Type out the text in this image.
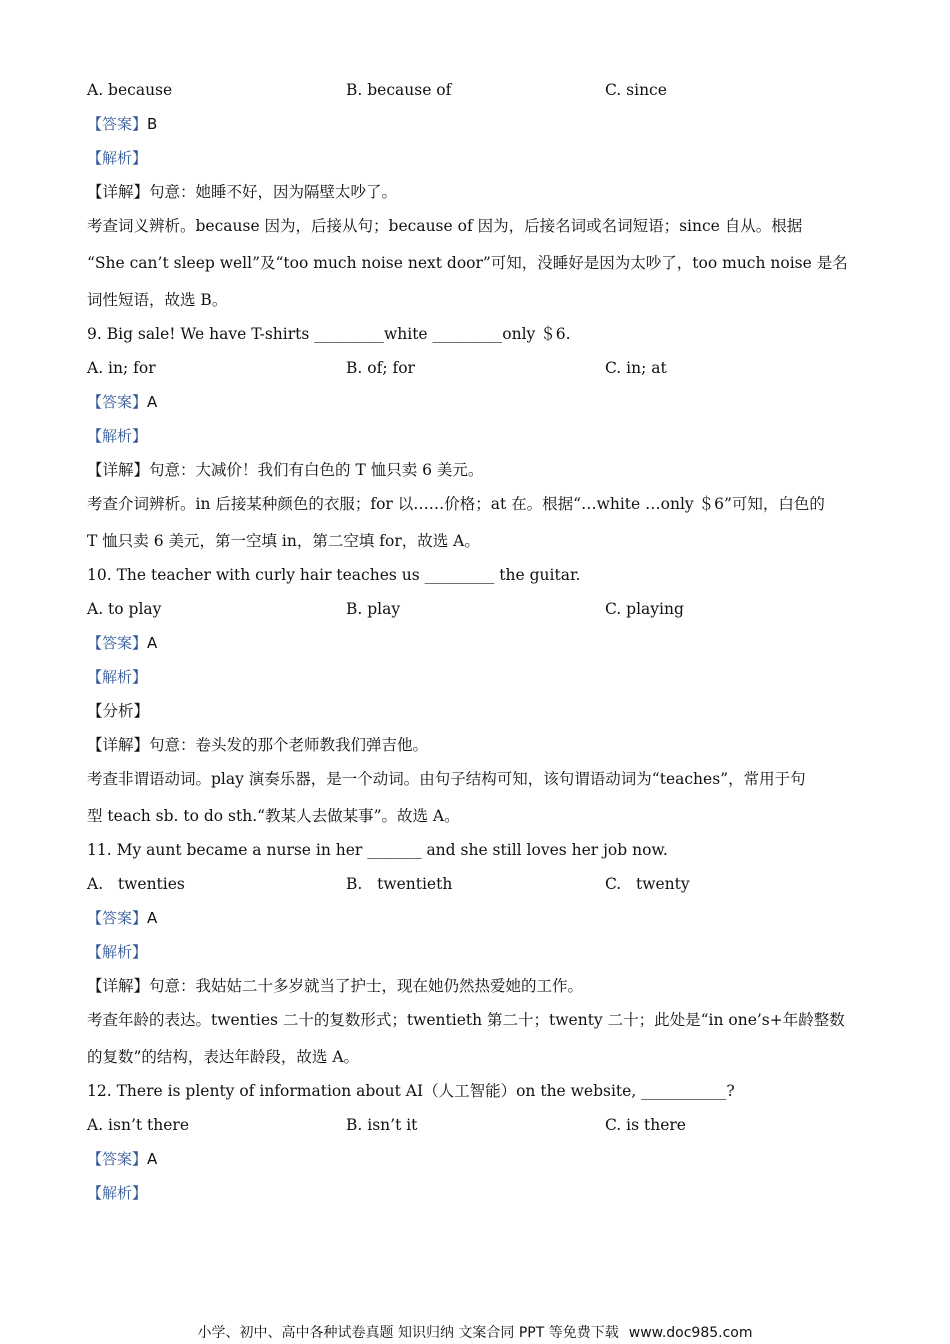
A. because	B. because of	C. since
【答案】B
【解析】
【详解】句意：她睡不好，因为隔壁太吵了。
考查词义辨析。because 因为，后接从句；because of 因为，后接名词或名词短语；since 自从。根据
“She can’t sleep well”及“too much noise next door”可知，没睡好是因为太吵了，too much noise 是名
词性短语，故选 B。
9. Big sale! We have T-shirts _________white _________only ＄6.
A. in; for	B. of; for	C. in; at
【答案】A
【解析】
【详解】句意：大减价！我们有白色的 T 恤只卖 6 美元。
考查介词辨析。in 后接某种颜色的衣服；for 以……价格；at 在。根据“…white …only ＄6”可知，白色的
T 恤只卖 6 美元，第一空填 in，第二空填 for，故选 A。
10. The teacher with curly hair teaches us _________ the guitar.
A. to play	B. play	C. playing
【答案】A
【解析】
【分析】
【详解】句意：卷头发的那个老师教我们弹吉他。
考查非谓语动词。play 演奏乐器，是一个动词。由句子结构可知，该句谓语动词为“teaches”，常用于句
型 teach sb. to do sth.“教某人去做某事”。故选 A。
11. My aunt became a nurse in her _______ and she still loves her job now.
A.   twenties	B.   twentieth	C.   twenty
【答案】A
【解析】
【详解】句意：我姑姑二十多岁就当了护士，现在她仍然热爱她的工作。
考查年龄的表达。twenties 二十的复数形式；twentieth 第二十；twenty 二十；此处是“in one’s+年龄整数
的复数”的结构，表达年龄段，故选 A。
12. There is plenty of information about AI（人工智能）on the website, ___________?
A. isn’t there	B. isn’t it	C. is there
【答案】A
【解析】
小学、初中、高中各种试卷真题 知识归纳 文案合同 PPT 等免费下载 www.doc985.com
